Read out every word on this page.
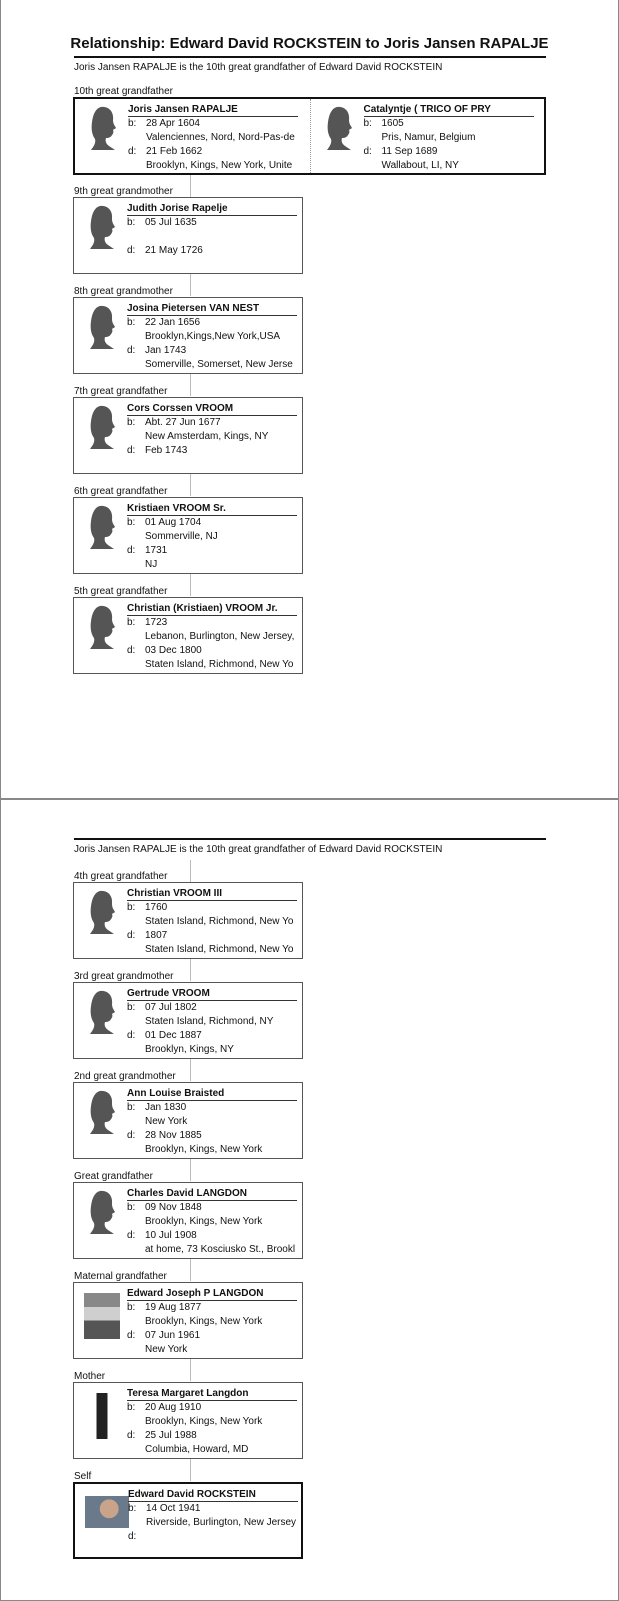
Relationship: Edward David ROCKSTEIN to Joris Jansen RAPALJE
Joris Jansen RAPALJE is the 10th great grandfather of Edward David ROCKSTEIN
Joris Jansen RAPALJE is the 10th great grandfather of Edward David ROCKSTEIN
10th great grandfather
Joris Jansen RAPALJE
b: 28 Apr 1604
Valenciennes, Nord, Nord-Pas-de
d: 21 Feb 1662
Brooklyn, Kings, New York, Unite
Catalyntje ( TRICO OF PRY
b: 1605
Pris, Namur, Belgium
d: 11 Sep 1689
Wallabout, LI, NY
9th great grandmother
Judith Jorise Rapelje
b: 05 Jul 1635
d: 21 May 1726
8th great grandmother
Josina Pietersen VAN NEST
b: 22 Jan 1656
Brooklyn,Kings,New York,USA
d: Jan 1743
Somerville, Somerset, New Jerse
7th great grandfather
Cors Corssen VROOM
b: Abt. 27 Jun 1677
New Amsterdam, Kings, NY
d: Feb 1743
6th great grandfather
Kristiaen VROOM Sr.
b: 01 Aug 1704
Sommerville, NJ
d: 1731
NJ
5th great grandfather
Christian (Kristiaen) VROOM Jr.
b: 1723
Lebanon, Burlington, New Jersey,
d: 03 Dec 1800
Staten Island, Richmond, New Yo
4th great grandfather
Christian VROOM III
b: 1760
Staten Island, Richmond, New Yo
d: 1807
Staten Island, Richmond, New Yo
3rd great grandmother
Gertrude VROOM
b: 07 Jul 1802
Staten Island, Richmond, NY
d: 01 Dec 1887
Brooklyn, Kings, NY
2nd great grandmother
Ann Louise Braisted
b: Jan 1830
New York
d: 28 Nov 1885
Brooklyn, Kings, New York
Great grandfather
Charles David LANGDON
b: 09 Nov 1848
Brooklyn, Kings, New York
d: 10 Jul 1908
at home, 73 Kosciusko St., Brookl
Maternal grandfather
Edward Joseph P LANGDON
b: 19 Aug 1877
Brooklyn, Kings, New York
d: 07 Jun 1961
New York
Mother
Teresa Margaret Langdon
b: 20 Aug 1910
Brooklyn, Kings, New York
d: 25 Jul 1988
Columbia, Howard, MD
Self
Edward David ROCKSTEIN
b: 14 Oct 1941
Riverside, Burlington, New Jersey
d:
